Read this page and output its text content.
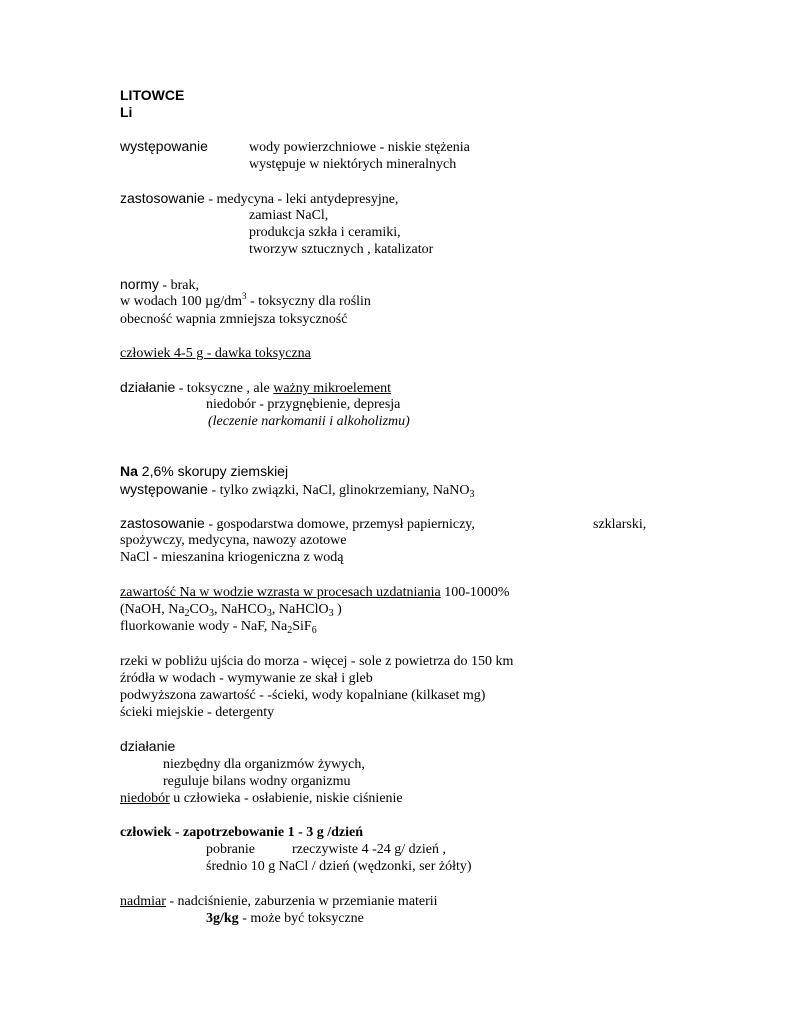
LITOWCE
Li
występowanie	wody powierzchniowe - niskie stężenia
występuje w niektórych mineralnych
zastosowanie - medycyna - leki antydepresyjne,
zamiast NaCl,
produkcja szkła i ceramiki,
tworzyw sztucznych , katalizator
normy - brak,
w wodach 100 $\mu g/dm^3$ - toksyczny dla roślin
obecność wapnia zmniejsza toksyczność
człowiek 4-5 g - dawka toksyczna
działanie - toksyczne , ale ważny mikroelement
niedobór - przygnębienie, depresja
(leczenie narkomanii i alkoholizmu)
Na 2,6% skorupy ziemskiej
występowanie - tylko związki, NaCl, glinokrzemiany, NaNO$_3$
zastosowanie - gospodarstwa domowe, przemysł papierniczy,	szklarski,
spożywczy, medycyna, nawozy azotowe
NaCl - mieszanina kriogeniczna z wodą
zawartość Na w wodzie wzrasta w procesach uzdatniania 100-1000%
(NaOH, $Na_2CO_3$, NaHCO$_3$, NaHClO$_3$ )
fluorkowanie wody - NaF, $Na_2SiF_6$
rzeki w pobliżu ujścia do morza - więcej - sole z powietrza do 150 km
źródła w wodach - wymywanie ze skał i gleb
podwyższona zawartość - -ścieki, wody kopalniane (kilkaset mg)
ścieki miejskie - detergenty
działanie
niezbędny dla organizmów żywych,
reguluje bilans wodny organizmu
niedobór u człowieka - osłabienie, niskie ciśnienie
człowiek - zapotrzebowanie 1 - 3 g /dzień
pobranie	rzeczywiste 4 -24 g/ dzień ,
średnio 10 g NaCl / dzień (wędzonki, ser żółty)
nadmiar - nadciśnienie, zaburzenia w przemianie materii
3g/kg - może być toksyczne
